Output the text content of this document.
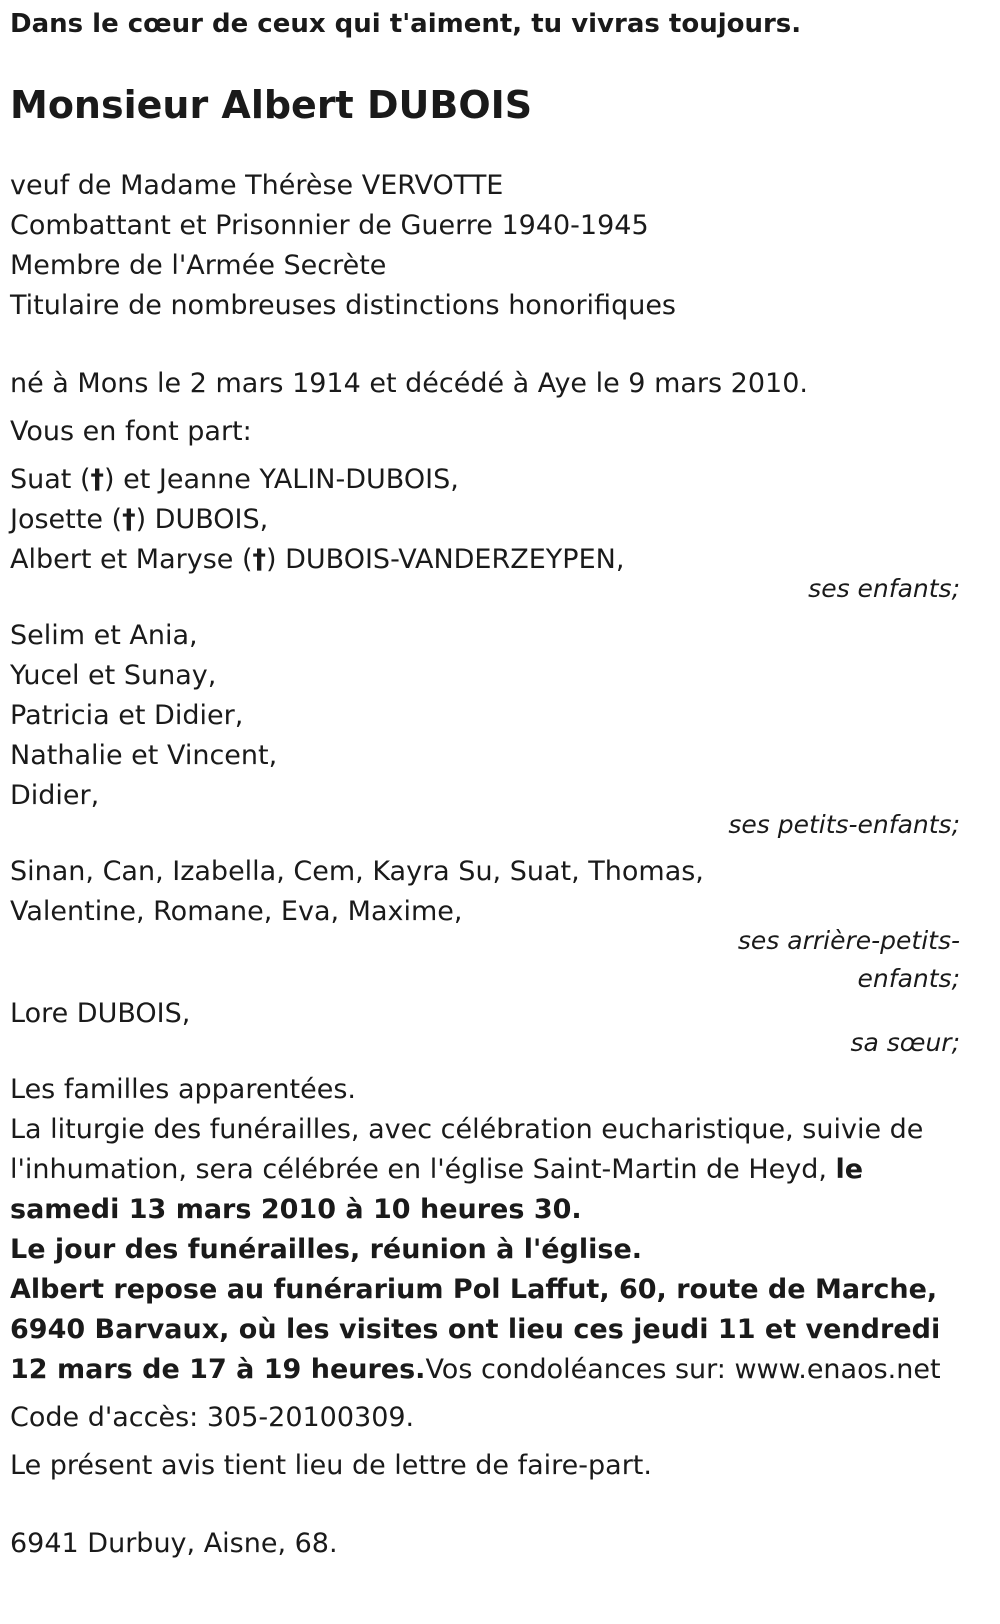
Dans le cœur de ceux qui t'aiment, tu vivras toujours.

Monsieur Albert DUBOIS

veuf de Madame Thérèse VERVOTTE

Combattant et Prisonnier de Guerre 1940-1945

Membre de l'Armée Secrète

Titulaire de nombreuses distinctions honorifiques

né à Mons le 2 mars 1914 et décédé à Aye le 9 mars 2010.

Vous en font part:

Suat (†) et Jeanne YALIN-DUBOIS,

Josette (†) DUBOIS,

Albert et Maryse (†) DUBOIS-VANDERZEYPEN,

ses enfants;

Selim et Ania,

Yucel et Sunay,

Patricia et Didier,

Nathalie et Vincent,

Didier,

ses petits-enfants;

Sinan, Can, Izabella, Cem, Kayra Su, Suat, Thomas,

Valentine, Romane, Eva, Maxime,

ses arrière-petits-enfants;

Lore DUBOIS,

sa sœur;

Les familles apparentées.

La liturgie des funérailles, avec célébration eucharistique, suivie de l'inhumation, sera célébrée en l'église Saint-Martin de Heyd, le samedi 13 mars 2010 à 10 heures 30.

Le jour des funérailles, réunion à l'église.

Albert repose au funérarium Pol Laffut, 60, route de Marche, 6940 Barvaux, où les visites ont lieu ces jeudi 11 et vendredi 12 mars de 17 à 19 heures.Vos condoléances sur: www.enaos.net

Code d'accès: 305-20100309.

Le présent avis tient lieu de lettre de faire-part.

6941 Durbuy, Aisne, 68.
